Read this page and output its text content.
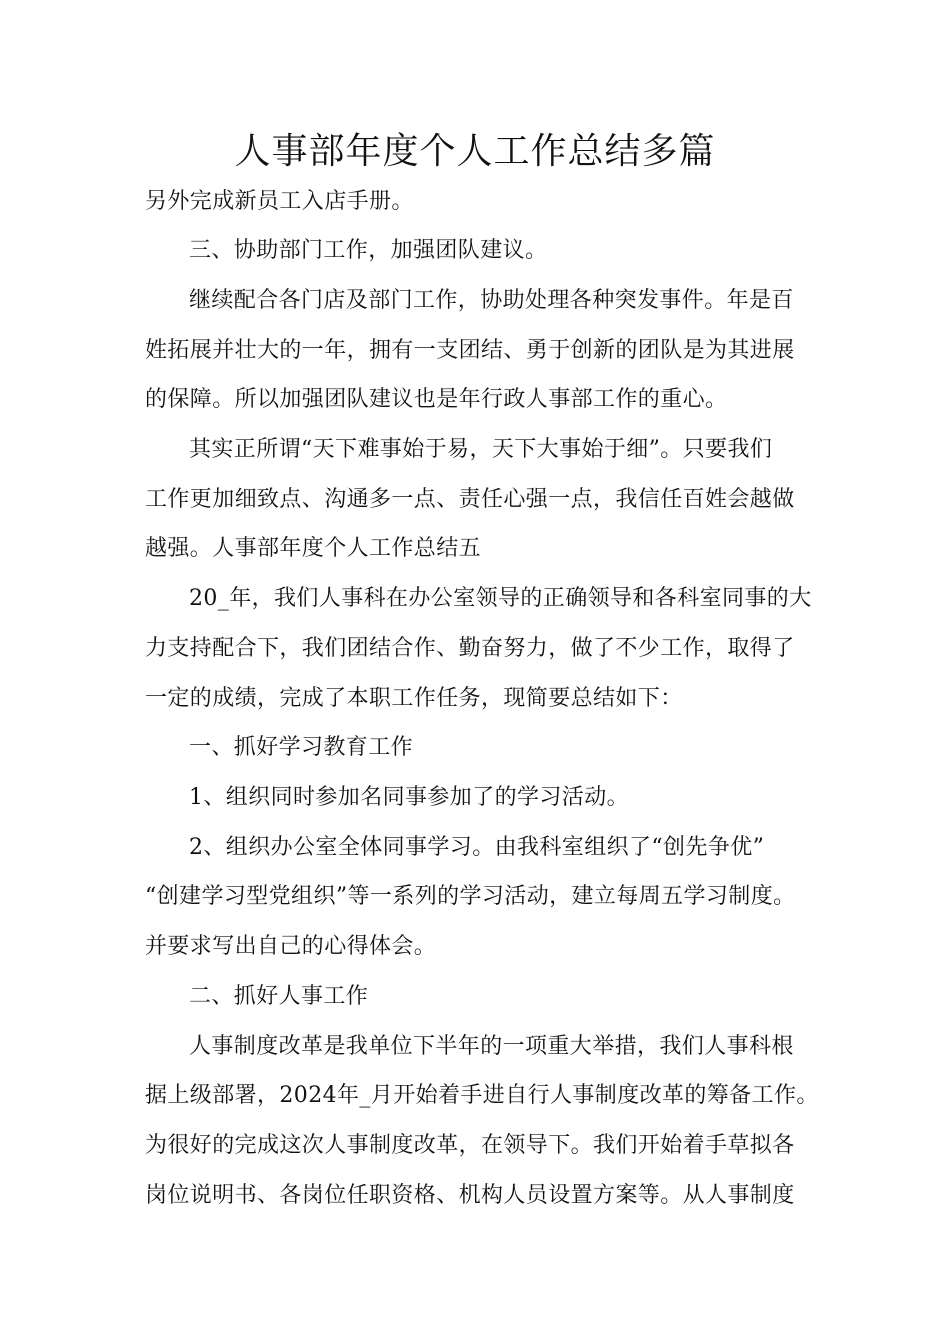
人事部年度个人工作总结多篇
另外完成新员工入店手册。
三、协助部门工作，加强团队建议。
继续配合各门店及部门工作，协助处理各种突发事件。年是百
姓拓展并壮大的一年，拥有一支团结、勇于创新的团队是为其进展
的保障。所以加强团队建议也是年行政人事部工作的重心。
其实正所谓“天下难事始于易，天下大事始于细”。只要我们
工作更加细致点、沟通多一点、责任心强一点，我信任百姓会越做
越强。人事部年度个人工作总结五
20_年，我们人事科在办公室领导的正确领导和各科室同事的大
力支持配合下，我们团结合作、勤奋努力，做了不少工作，取得了
一定的成绩，完成了本职工作任务，现简要总结如下：
一、抓好学习教育工作
1、组织同时参加名同事参加了的学习活动。
2、组织办公室全体同事学习。由我科室组织了“创先争优”
“创建学习型党组织”等一系列的学习活动，建立每周五学习制度。
并要求写出自己的心得体会。
二、抓好人事工作
人事制度改革是我单位下半年的一项重大举措，我们人事科根
据上级部署，2024年_月开始着手进自行人事制度改革的筹备工作。
为很好的完成这次人事制度改革，在领导下。我们开始着手草拟各
岗位说明书、各岗位任职资格、机构人员设置方案等。从人事制度
